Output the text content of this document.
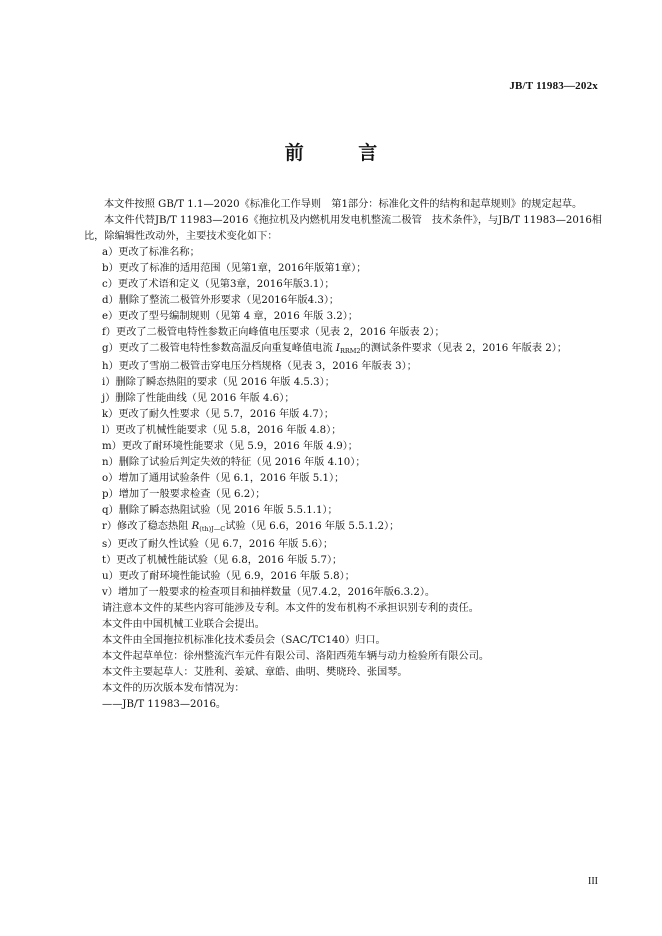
JB/T 11983—202x
前 言

本文件按照 GB/T 1.1—2020《标准化工作导则　第1部分：标准化文件的结构和起草规则》的规定起草。

本文件代替JB/T 11983—2016《拖拉机及内燃机用发电机整流二极管　技术条件》，与JB/T 11983—2016相比，除编辑性改动外，主要技术变化如下：

a）更改了标准名称；
b）更改了标准的适用范围（见第1章，2016年版第1章）；
c）更改了术语和定义（见第3章，2016年版3.1）；
d）删除了整流二极管外形要求（见2016年版4.3）；
e）更改了型号编制规则（见第 4 章，2016 年版 3.2）；
f）更改了二极管电特性参数正向峰值电压要求（见表 2，2016 年版表 2）；
g）更改了二极管电特性参数高温反向重复峰值电流 $I_{RRM2}$的测试条件要求（见表 2，2016 年版表 2）；
h）更改了雪崩二极管击穿电压分档规格（见表 3，2016 年版表 3）；
i）删除了瞬态热阻的要求（见 2016 年版 4.5.3）；
j）删除了性能曲线（见 2016 年版 4.6）；
k）更改了耐久性要求（见 5.7，2016 年版 4.7）；
l）更改了机械性能要求（见 5.8，2016 年版 4.8）；
m）更改了耐环境性能要求（见 5.9，2016 年版 4.9）；
n）删除了试验后判定失效的特征（见 2016 年版 4.10）；
o）增加了通用试验条件（见 6.1，2016 年版 5.1）；
p）增加了一般要求检查（见 6.2）；
q）删除了瞬态热阻试验（见 2016 年版 5.5.1.1）；
r）修改了稳态热阻 $R_{(th)J—C}$试验（见 6.6，2016 年版 5.5.1.2）；
s）更改了耐久性试验（见 6.7，2016 年版 5.6）；
t）更改了机械性能试验（见 6.8，2016 年版 5.7）；
u）更改了耐环境性能试验（见 6.9，2016 年版 5.8）；
v）增加了一般要求的检查项目和抽样数量（见7.4.2，2016年版6.3.2）。
请注意本文件的某些内容可能涉及专利。本文件的发布机构不承担识别专利的责任。
本文件由中国机械工业联合会提出。
本文件由全国拖拉机标准化技术委员会（SAC/TC140）归口。
本文件起草单位：徐州整流汽车元件有限公司、洛阳西苑车辆与动力检验所有限公司。
本文件主要起草人：艾胜利、姜斌、章皓、曲明、樊晓玲、张国琴。
本文件的历次版本发布情况为：
——JB/T 11983—2016。
III
